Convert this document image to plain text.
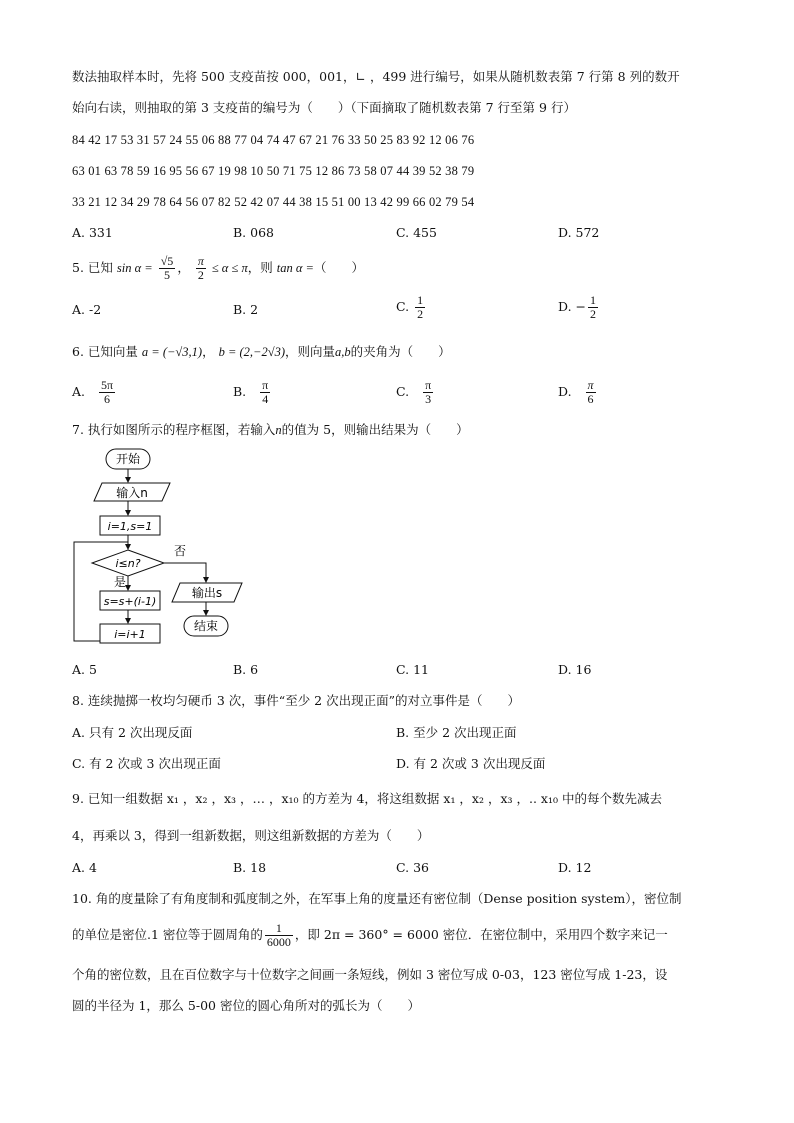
数法抽取样本时，先将 500 支疫苗按 000，001，∟ ，499 进行编号，如果从随机数表第 7 行第 8 列的数开
始向右读，则抽取的第 3 支疫苗的编号为（　　）（下面摘取了随机数表第 7 行至第 9 行）
84 42 17 53 31 57 24 55 06 88 77 04 74 47 67 21 76 33 50 25 83 92 12 06 76
63 01 63 78 59 16 95 56 67 19 98 10 50 71 75 12 86 73 58 07 44 39 52 38 79
33 21 12 34 29 78 64 56 07 82 52 42 07 44 38 15 51 00 13 42 99 66 02 79 54
A. 331	B. 068	C. 455	D. 572
5. 已知 $\sin \alpha = \frac{√5}{5}$ ， $\frac{\pi}{2} \le \alpha \le \pi$，则 tan α =（　　）
A. -2	B. 2	C. $\frac{1}{2}$	D. − $\frac{1}{2}$
6. 已知向量 a = (−√3,1)， b = (2,−2√3)，则向量a,b的夹角为（　　）
A. $\frac{5\pi}{6}$	B. $\frac{\pi}{4}$	C. $\frac{\pi}{3}$	D. $\frac{\pi}{6}$
7. 执行如图所示的程序框图，若输入n的值为 5，则输出结果为（　　）
开始
输入n
i=1,s=1
i≤n?
否
是
s=s+(i-1)
i=i+1
输出s
结束
A. 5	B. 6	C. 11	D. 16
8. 连续抛掷一枚均匀硬币 3 次，事件“至少 2 次出现正面”的对立事件是（　　）
A. 只有 2 次出现反面	B. 至少 2 次出现正面
C. 有 2 次或 3 次出现正面	D. 有 2 次或 3 次出现反面
9. 已知一组数据 x₁ ，x₂ ，x₃ ，… ，x₁₀ 的方差为 4，将这组数据 x₁ ，x₂ ，x₃ ，.. x₁₀ 中的每个数先减去
4，再乘以 3，得到一组新数据，则这组新数据的方差为（　　）
A. 4	B. 18	C. 36	D. 12
10. 角的度量除了有角度制和弧度制之外，在军事上角的度量还有密位制（Dense position system），密位制
的单位是密位.1 密位等于圆周角的 $\frac{1}{6000}$ ，即 2π = 360° = 6000 密位．在密位制中，采用四个数字来记一
个角的密位数，且在百位数字与十位数字之间画一条短线，例如 3 密位写成 0-03，123 密位写成 1-23，设
圆的半径为 1，那么 5-00 密位的圆心角所对的弧长为（　　）
